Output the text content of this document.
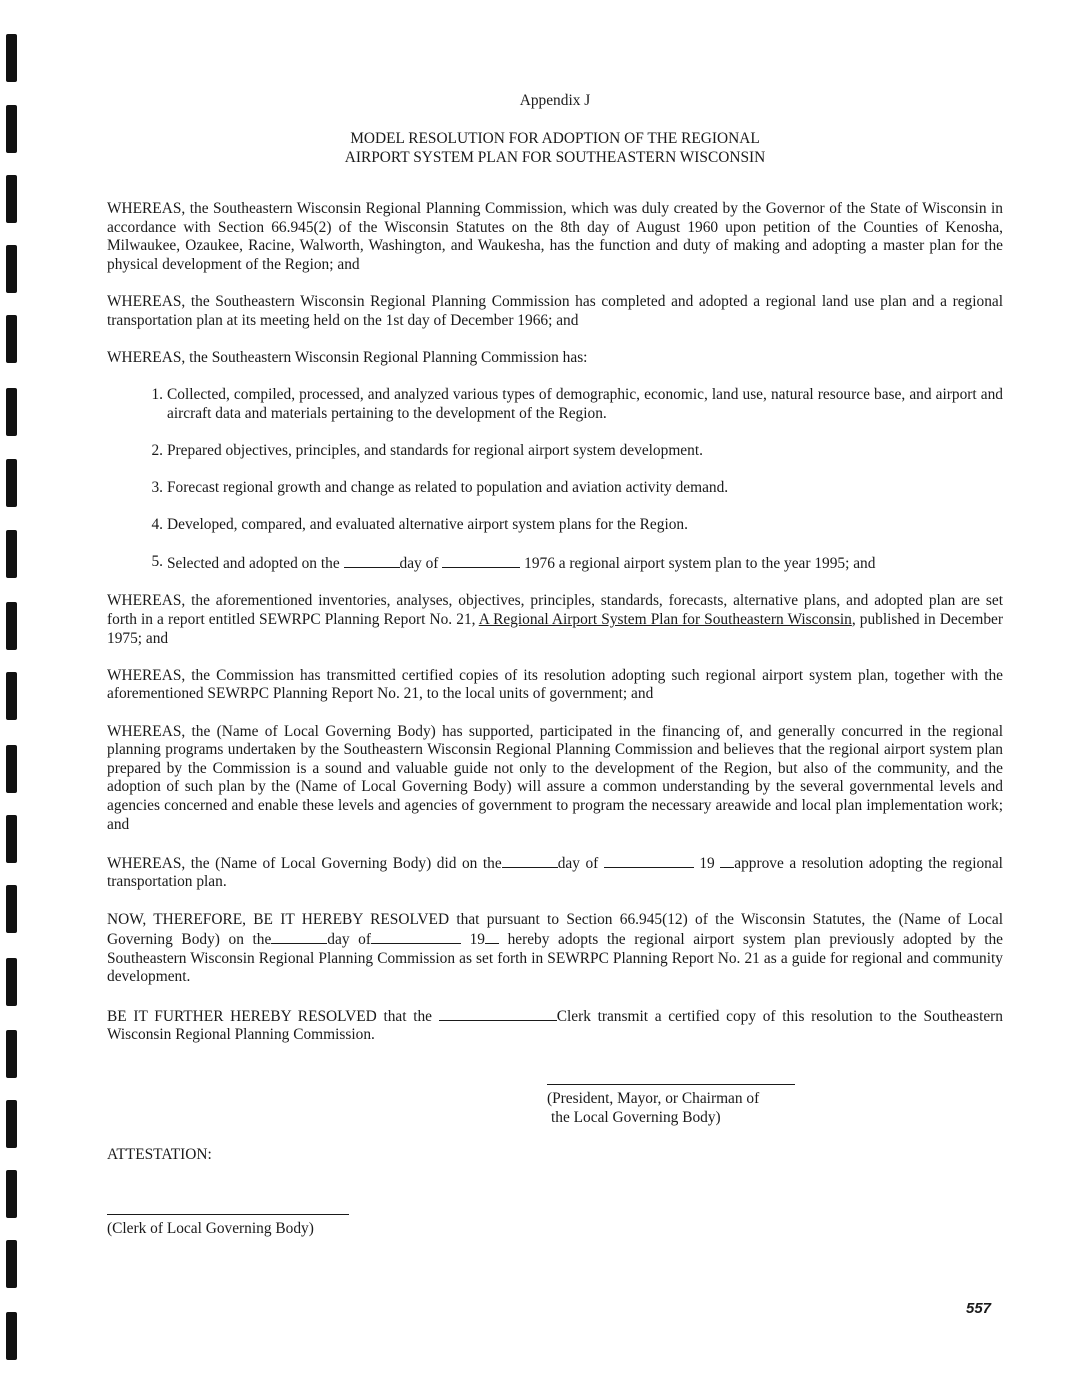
Appendix J
MODEL RESOLUTION FOR ADOPTION OF THE REGIONAL
AIRPORT SYSTEM PLAN FOR SOUTHEASTERN WISCONSIN

WHEREAS, the Southeastern Wisconsin Regional Planning Commission, which was duly created by the Governor of the State of Wisconsin in accordance with Section 66.945(2) of the Wisconsin Statutes on the 8th day of August 1960 upon petition of the Counties of Kenosha, Milwaukee, Ozaukee, Racine, Walworth, Washington, and Waukesha, has the function and duty of making and adopting a master plan for the physical development of the Region; and

WHEREAS, the Southeastern Wisconsin Regional Planning Commission has completed and adopted a regional land use plan and a regional transportation plan at its meeting held on the 1st day of December 1966; and

WHEREAS, the Southeastern Wisconsin Regional Planning Commission has:

1. Collected, compiled, processed, and analyzed various types of demographic, economic, land use, natural resource base, and airport and aircraft data and materials pertaining to the development of the Region.
2. Prepared objectives, principles, and standards for regional airport system development.
3. Forecast regional growth and change as related to population and aviation activity demand.
4. Developed, compared, and evaluated alternative airport system plans for the Region.
5. Selected and adopted on the	day of	1976 a regional airport system plan to the year 1995; and

WHEREAS, the aforementioned inventories, analyses, objectives, principles, standards, forecasts, alternative plans, and adopted plan are set forth in a report entitled SEWRPC Planning Report No. 21, A Regional Airport System Plan for Southeastern Wisconsin, published in December 1975; and

WHEREAS, the Commission has transmitted certified copies of its resolution adopting such regional airport system plan, together with the aforementioned SEWRPC Planning Report No. 21, to the local units of government; and

WHEREAS, the (Name of Local Governing Body) has supported, participated in the financing of, and generally concurred in the regional planning programs undertaken by the Southeastern Wisconsin Regional Planning Commission and believes that the regional airport system plan prepared by the Commission is a sound and valuable guide not only to the development of the Region, but also of the community, and the adoption of such plan by the (Name of Local Governing Body) will assure a common understanding by the several governmental levels and agencies concerned and enable these levels and agencies of government to program the necessary areawide and local plan implementation work; and

WHEREAS, the (Name of Local Governing Body) did on the	day of	19 approve a resolution adopting the regional transportation plan.

NOW, THEREFORE, BE IT HEREBY RESOLVED that pursuant to Section 66.945(12) of the Wisconsin Statutes, the (Name of Local Governing Body) on the	day of	19 hereby adopts the regional airport system plan previously adopted by the Southeastern Wisconsin Regional Planning Commission as set forth in SEWRPC Planning Report No. 21 as a guide for regional and community development.

BE IT FURTHER HEREBY RESOLVED that the	Clerk transmit a certified copy of this resolution to the Southeastern Wisconsin Regional Planning Commission.

(President, Mayor, or Chairman of
the Local Governing Body)
ATTESTATION:
(Clerk of Local Governing Body)
557
